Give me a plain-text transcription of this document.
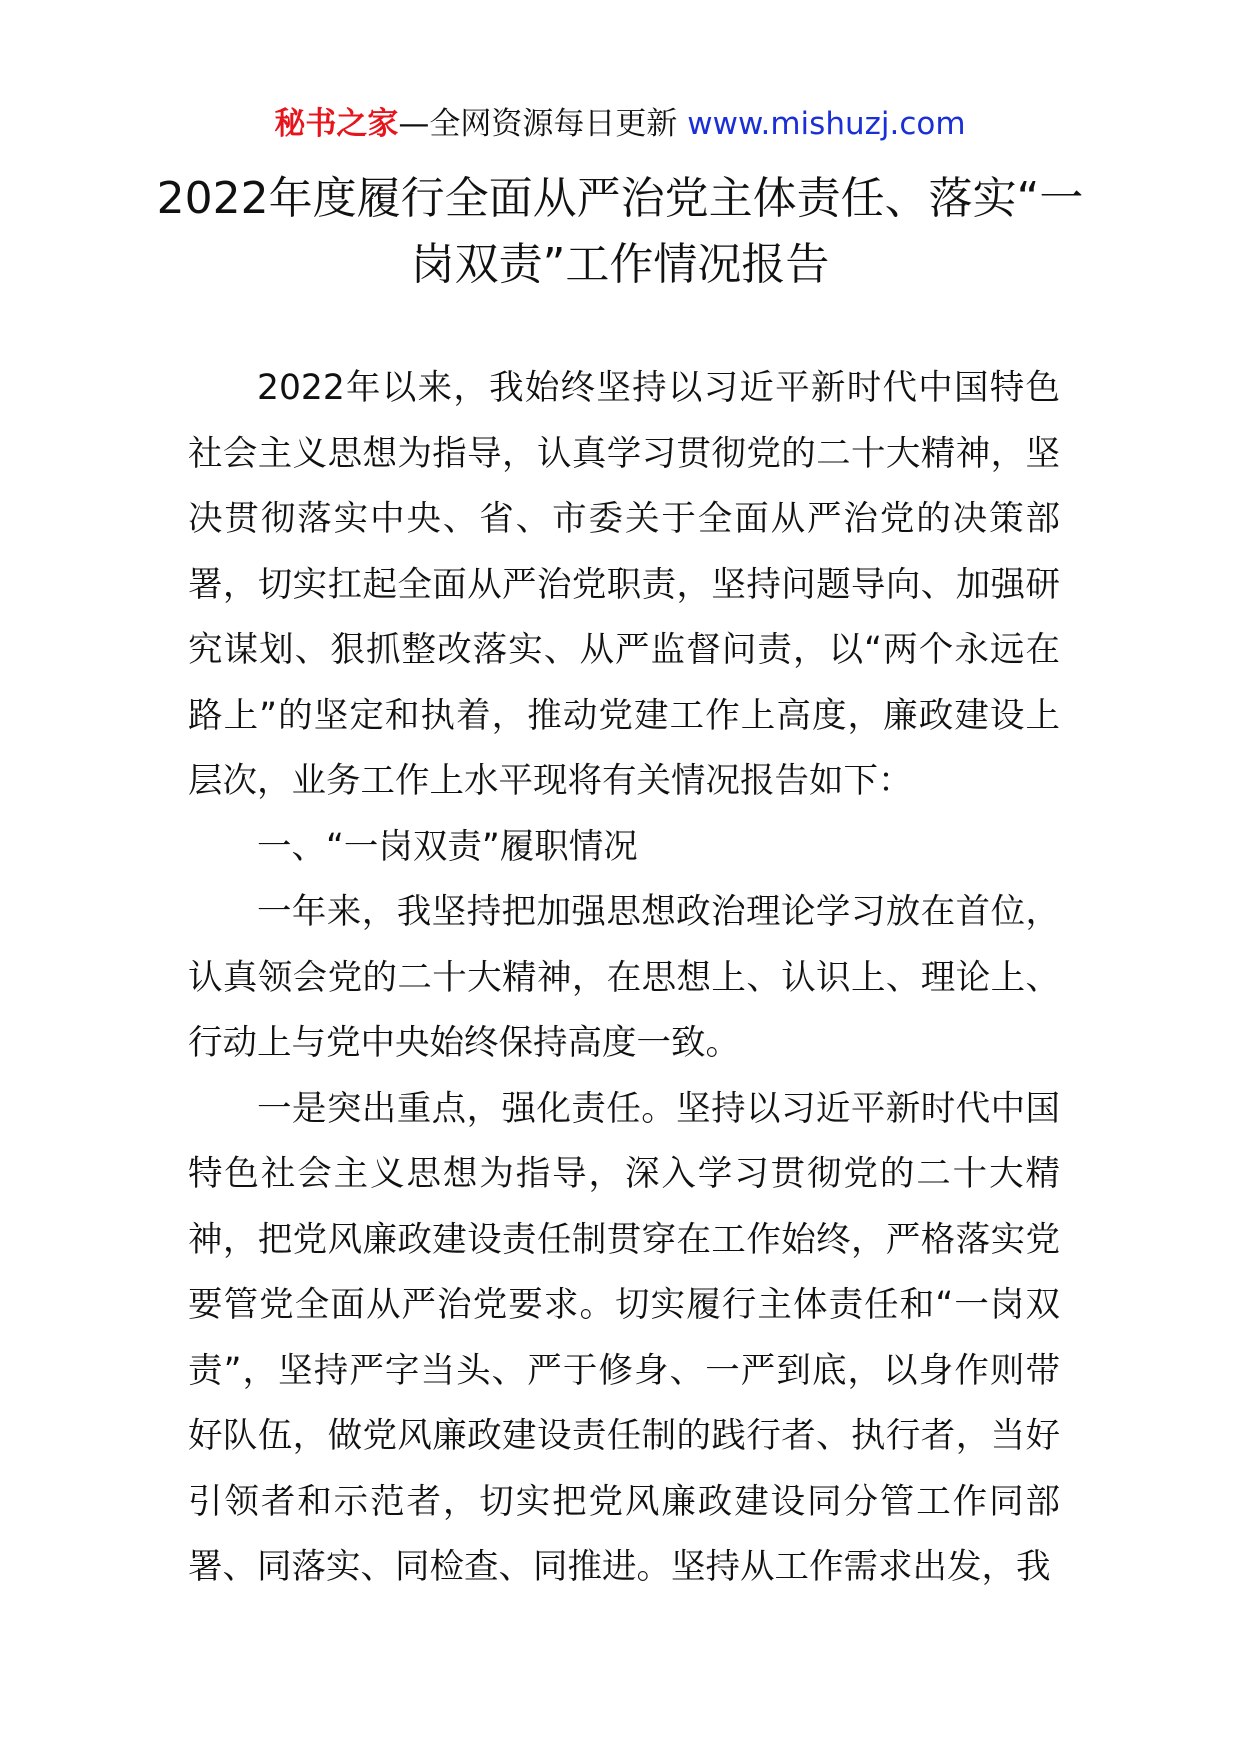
秘书之家—全网资源每日更新 www.mishuzj.com
2022年度履行全面从严治党主体责任、落实“一岗双责”工作情况报告

2022年以来，我始终坚持以习近平新时代中国特色社会主义思想为指导，认真学习贯彻党的二十大精神，坚决贯彻落实中央、省、市委关于全面从严治党的决策部署，切实扛起全面从严治党职责，坚持问题导向、加强研究谋划、狠抓整改落实、从严监督问责，以“两个永远在路上”的坚定和执着，推动党建工作上高度，廉政建设上层次，业务工作上水平现将有关情况报告如下：

一、“一岗双责”履职情况

一年来，我坚持把加强思想政治理论学习放在首位，认真领会党的二十大精神，在思想上、认识上、理论上、行动上与党中央始终保持高度一致。

一是突出重点，强化责任。坚持以习近平新时代中国特色社会主义思想为指导，深入学习贯彻党的二十大精神，把党风廉政建设责任制贯穿在工作始终，严格落实党要管党全面从严治党要求。切实履行主体责任和“一岗双责”，坚持严字当头、严于修身、一严到底，以身作则带好队伍，做党风廉政建设责任制的践行者、执行者，当好引领者和示范者，切实把党风廉政建设同分管工作同部署、同落实、同检查、同推进。坚持从工作需求出发，我
